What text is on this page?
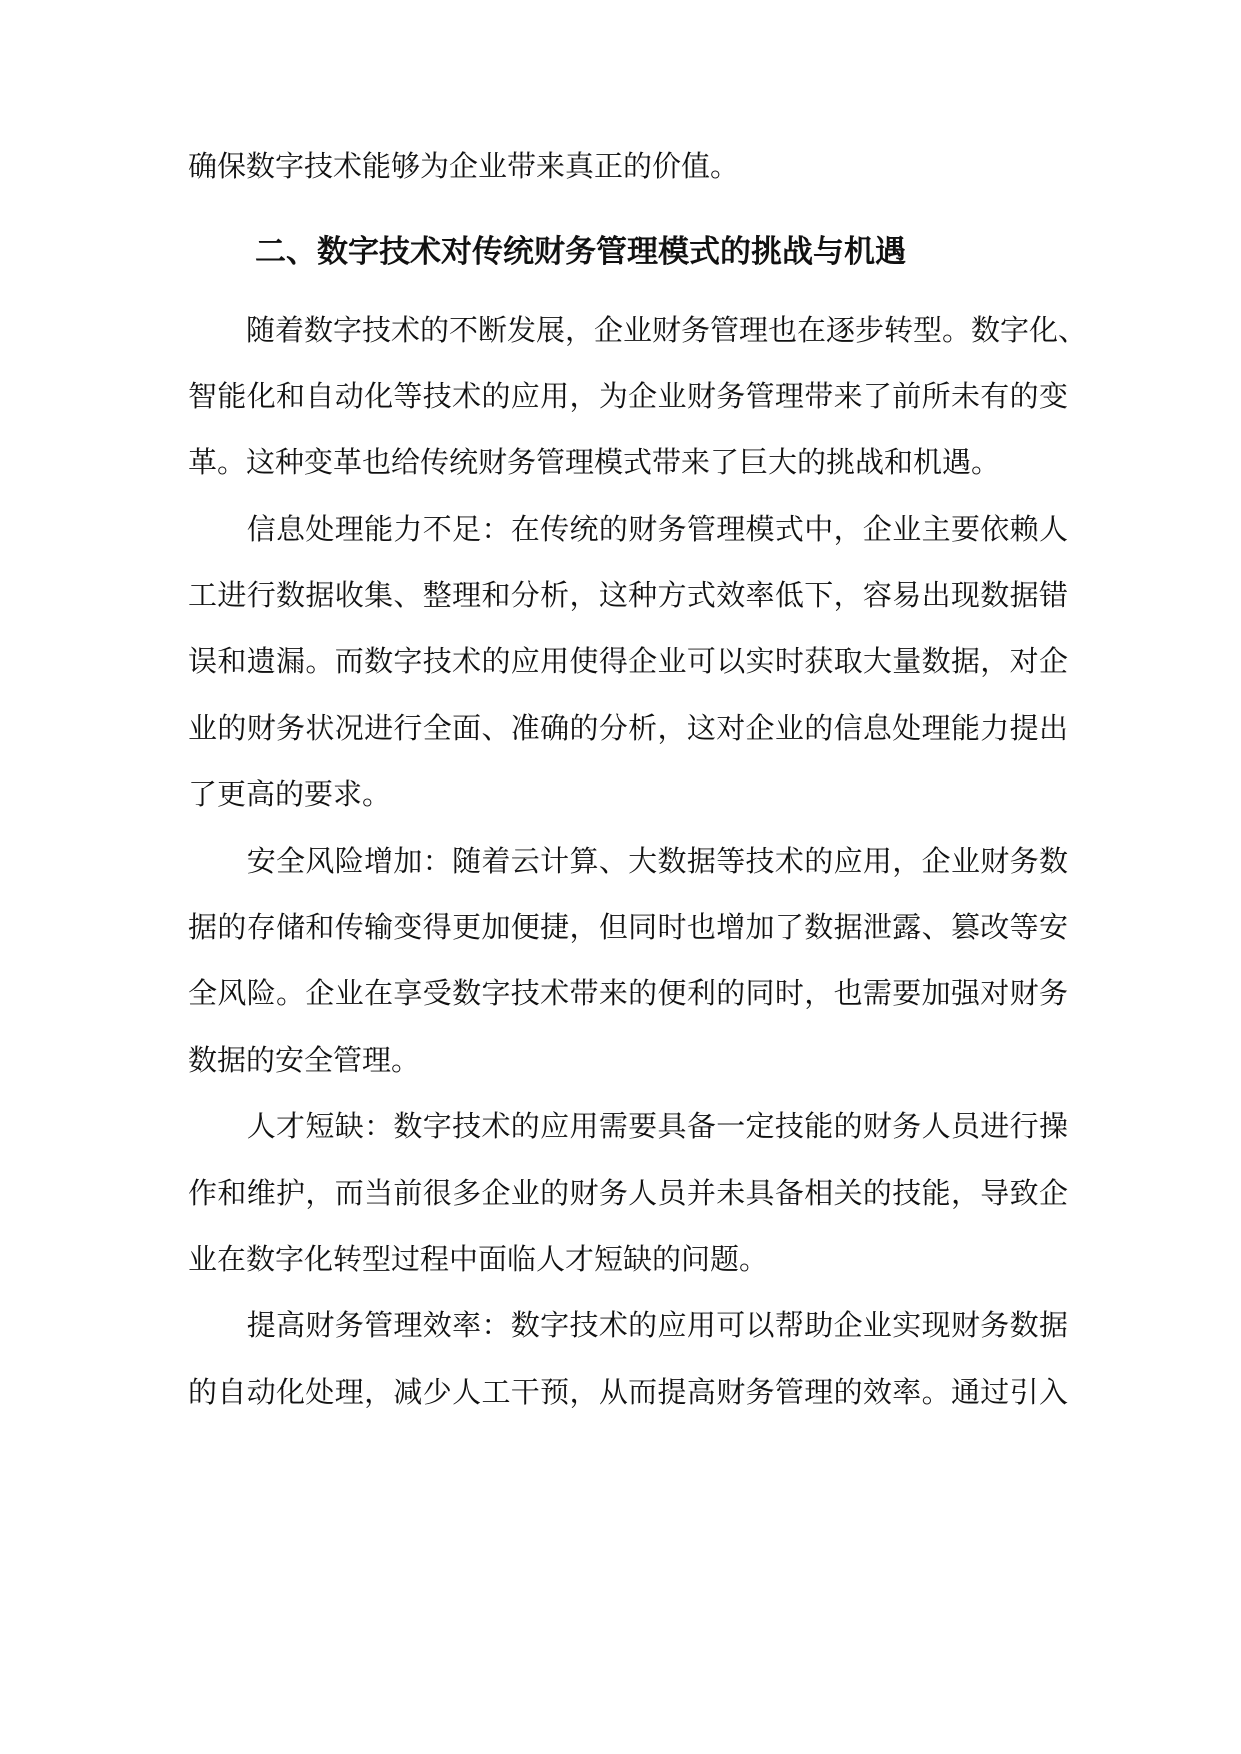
确保数字技术能够为企业带来真正的价值。
二、数字技术对传统财务管理模式的挑战与机遇
　　随着数字技术的不断发展，企业财务管理也在逐步转型。数字化、
智能化和自动化等技术的应用，为企业财务管理带来了前所未有的变
革。这种变革也给传统财务管理模式带来了巨大的挑战和机遇。
　　信息处理能力不足：在传统的财务管理模式中，企业主要依赖人
工进行数据收集、整理和分析，这种方式效率低下，容易出现数据错
误和遗漏。而数字技术的应用使得企业可以实时获取大量数据，对企
业的财务状况进行全面、准确的分析，这对企业的信息处理能力提出
了更高的要求。
　　安全风险增加：随着云计算、大数据等技术的应用，企业财务数
据的存储和传输变得更加便捷，但同时也增加了数据泄露、篡改等安
全风险。企业在享受数字技术带来的便利的同时，也需要加强对财务
数据的安全管理。
　　人才短缺：数字技术的应用需要具备一定技能的财务人员进行操
作和维护，而当前很多企业的财务人员并未具备相关的技能，导致企
业在数字化转型过程中面临人才短缺的问题。
　　提高财务管理效率：数字技术的应用可以帮助企业实现财务数据
的自动化处理，减少人工干预，从而提高财务管理的效率。通过引入
